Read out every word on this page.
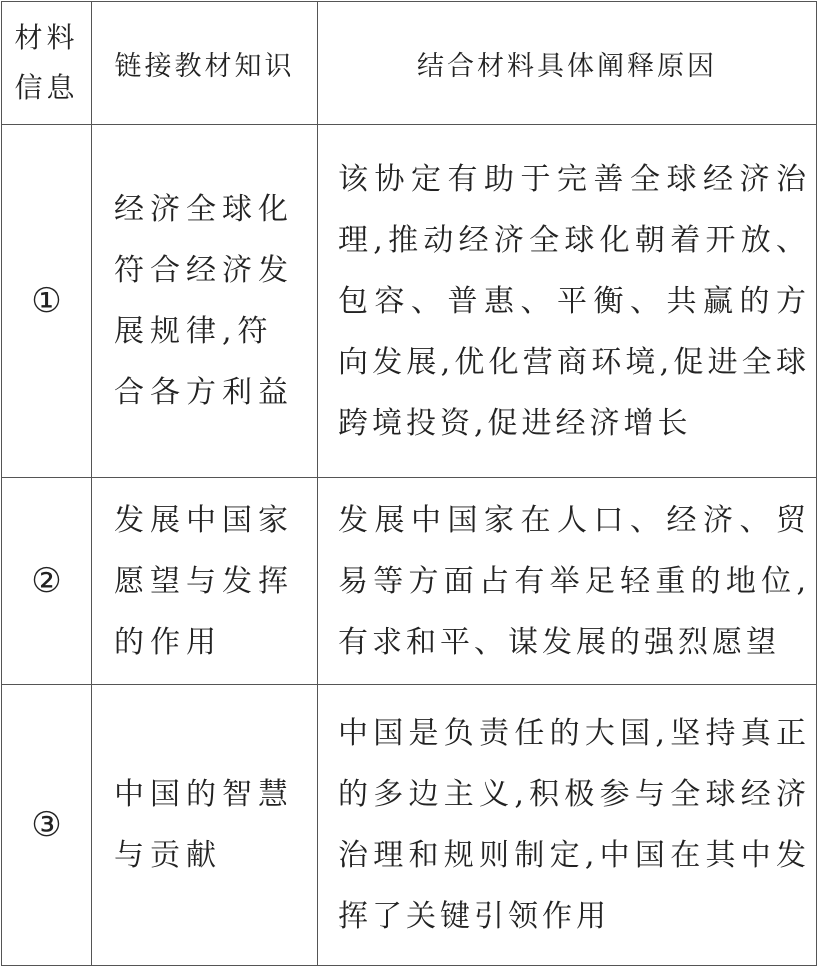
材料
信息	链接教材知识	结合材料具体阐释原因
①	经济全球化符合经济发展规律,符合各方利益	该协定有助于完善全球经济治理,推动经济全球化朝着开放、包容、普惠、平衡、共赢的方向发展,优化营商环境,促进全球跨境投资,促进经济增长
②	发展中国家愿望与发挥的作用	发展中国家在人口、经济、贸易等方面占有举足轻重的地位,有求和平、谋发展的强烈愿望
③	中国的智慧与贡献	中国是负责任的大国,坚持真正的多边主义,积极参与全球经济治理和规则制定,中国在其中发挥了关键引领作用
